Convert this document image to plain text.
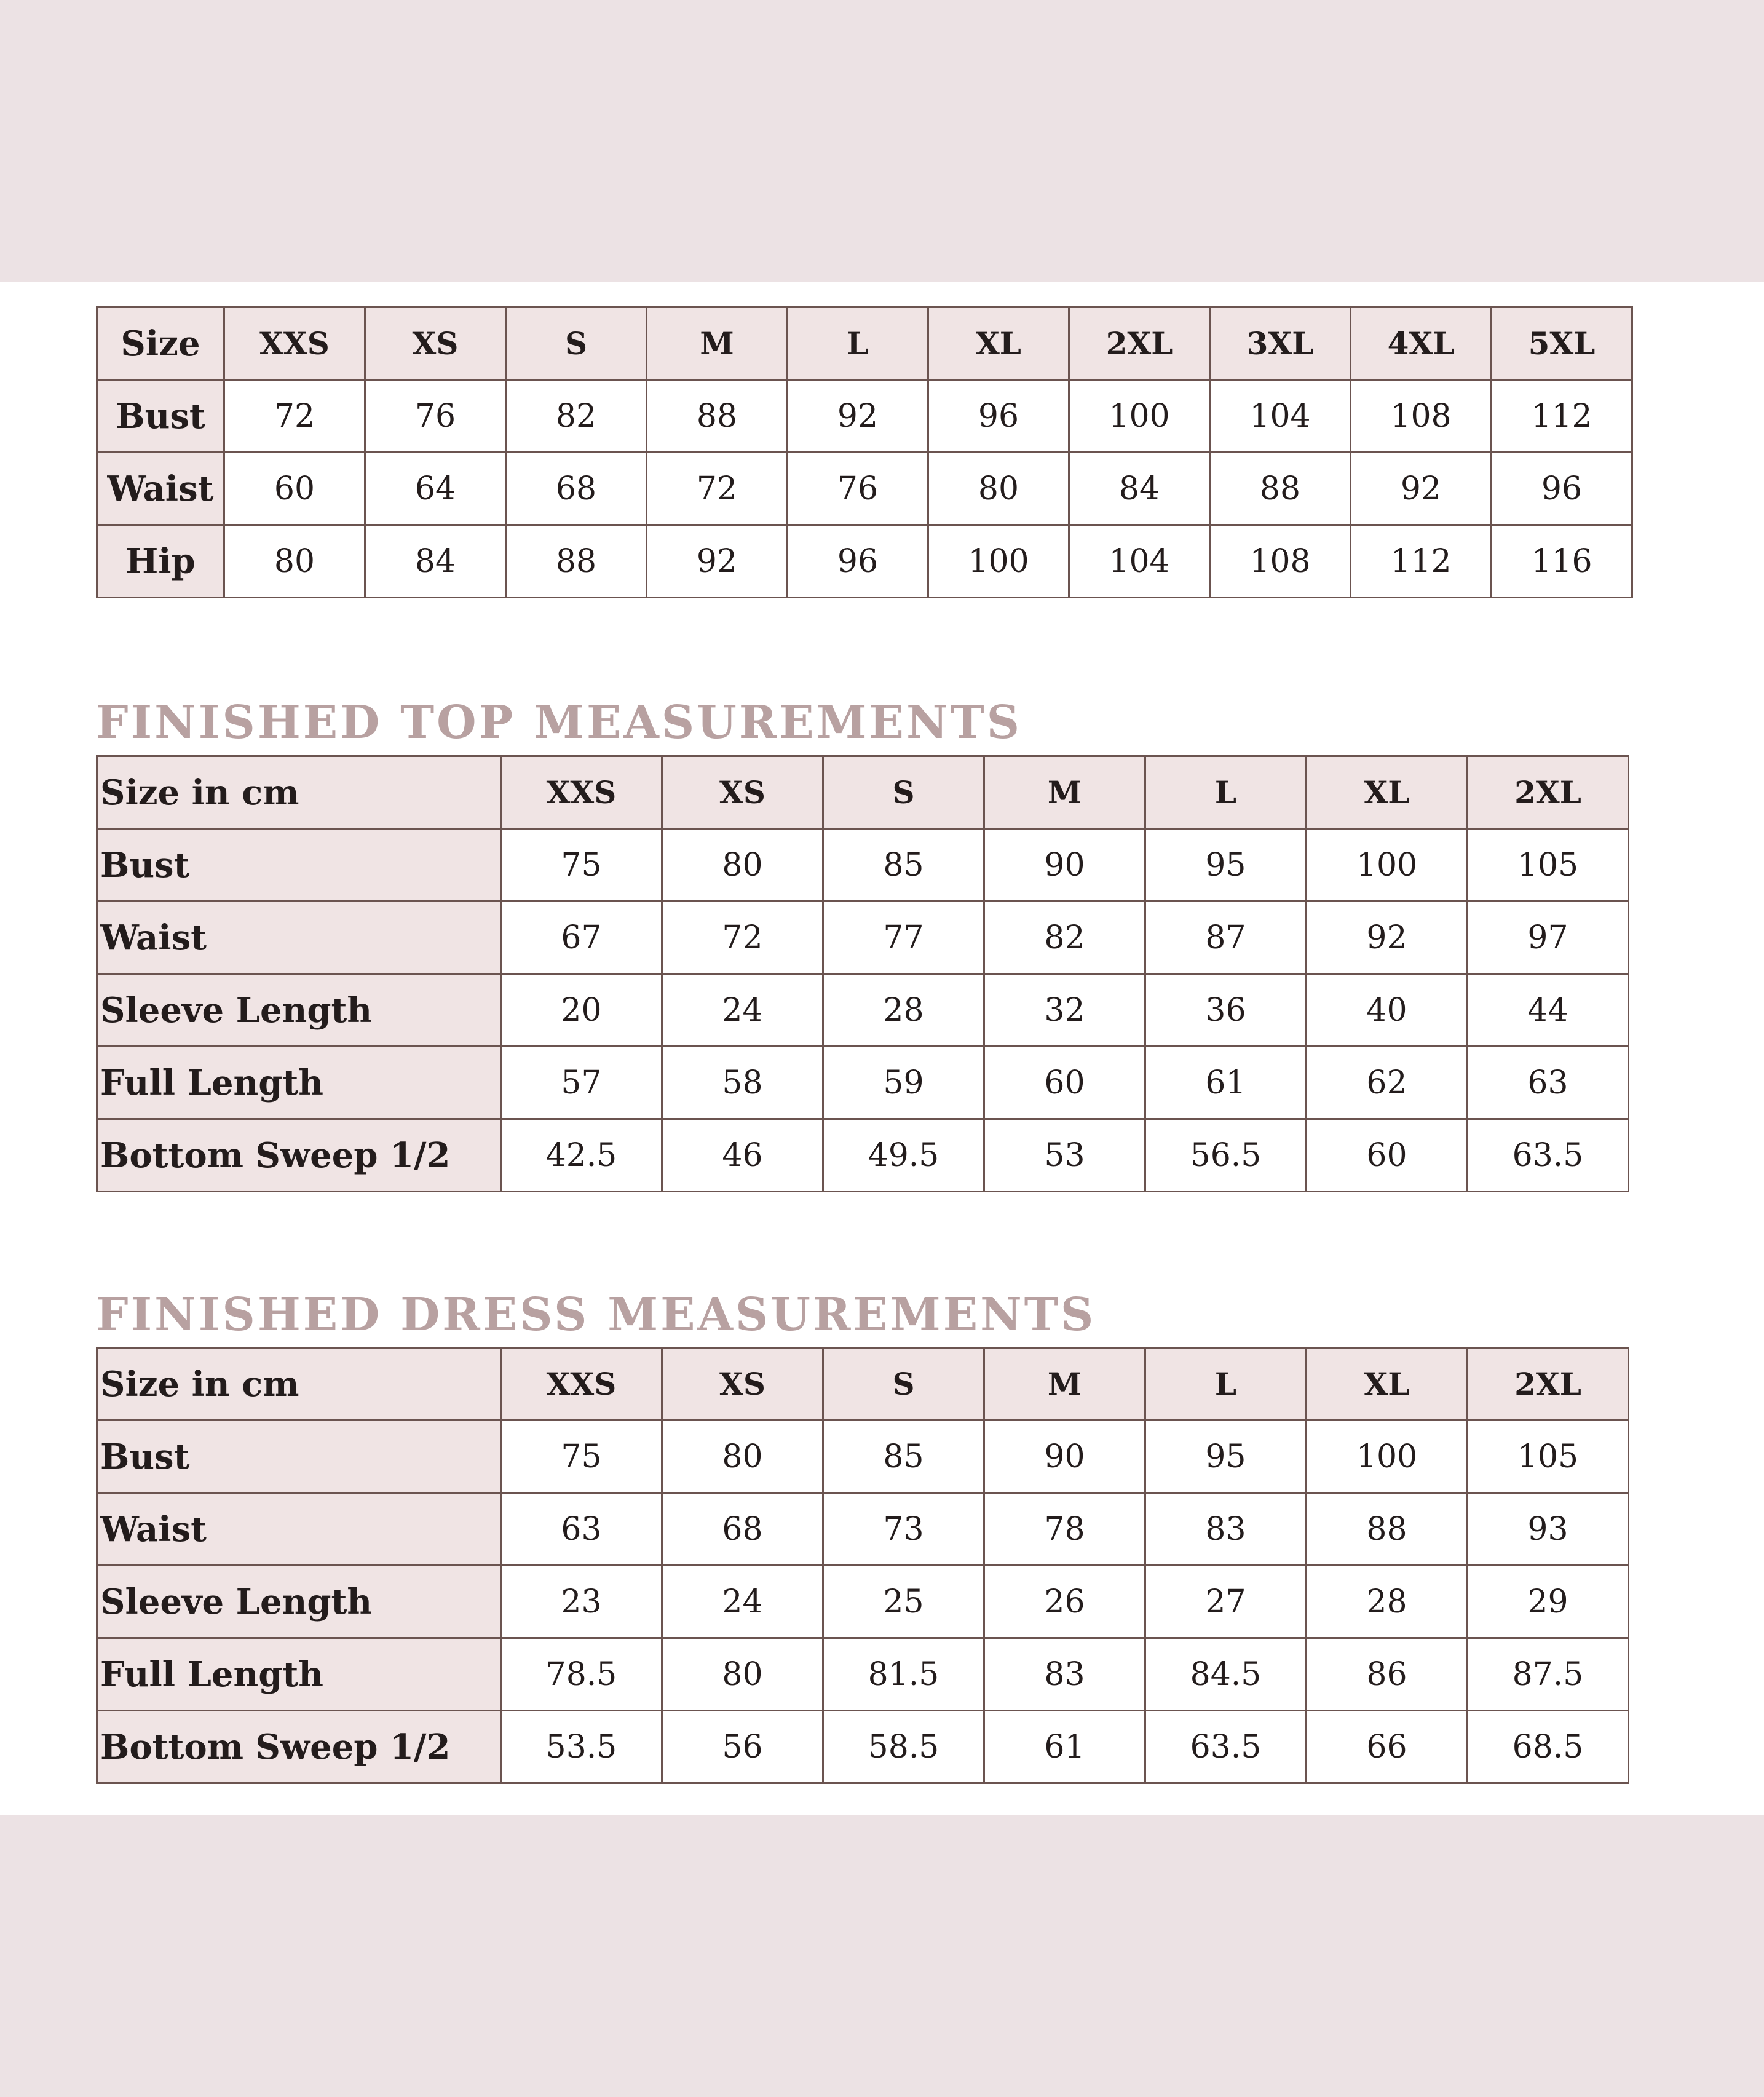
Size	XXS	XS	S	M	L	XL	2XL	3XL	4XL	5XL
Bust	72	76	82	88	92	96	100	104	108	112
Waist	60	64	68	72	76	80	84	88	92	96
Hip	80	84	88	92	96	100	104	108	112	116
FINISHED TOP MEASUREMENTS
Size in cm	XXS	XS	S	M	L	XL	2XL
Bust	75	80	85	90	95	100	105
Waist	67	72	77	82	87	92	97
Sleeve Length	20	24	28	32	36	40	44
Full Length	57	58	59	60	61	62	63
Bottom Sweep 1/2	42.5	46	49.5	53	56.5	60	63.5
FINISHED DRESS MEASUREMENTS
Size in cm	XXS	XS	S	M	L	XL	2XL
Bust	75	80	85	90	95	100	105
Waist	63	68	73	78	83	88	93
Sleeve Length	23	24	25	26	27	28	29
Full Length	78.5	80	81.5	83	84.5	86	87.5
Bottom Sweep 1/2	53.5	56	58.5	61	63.5	66	68.5
